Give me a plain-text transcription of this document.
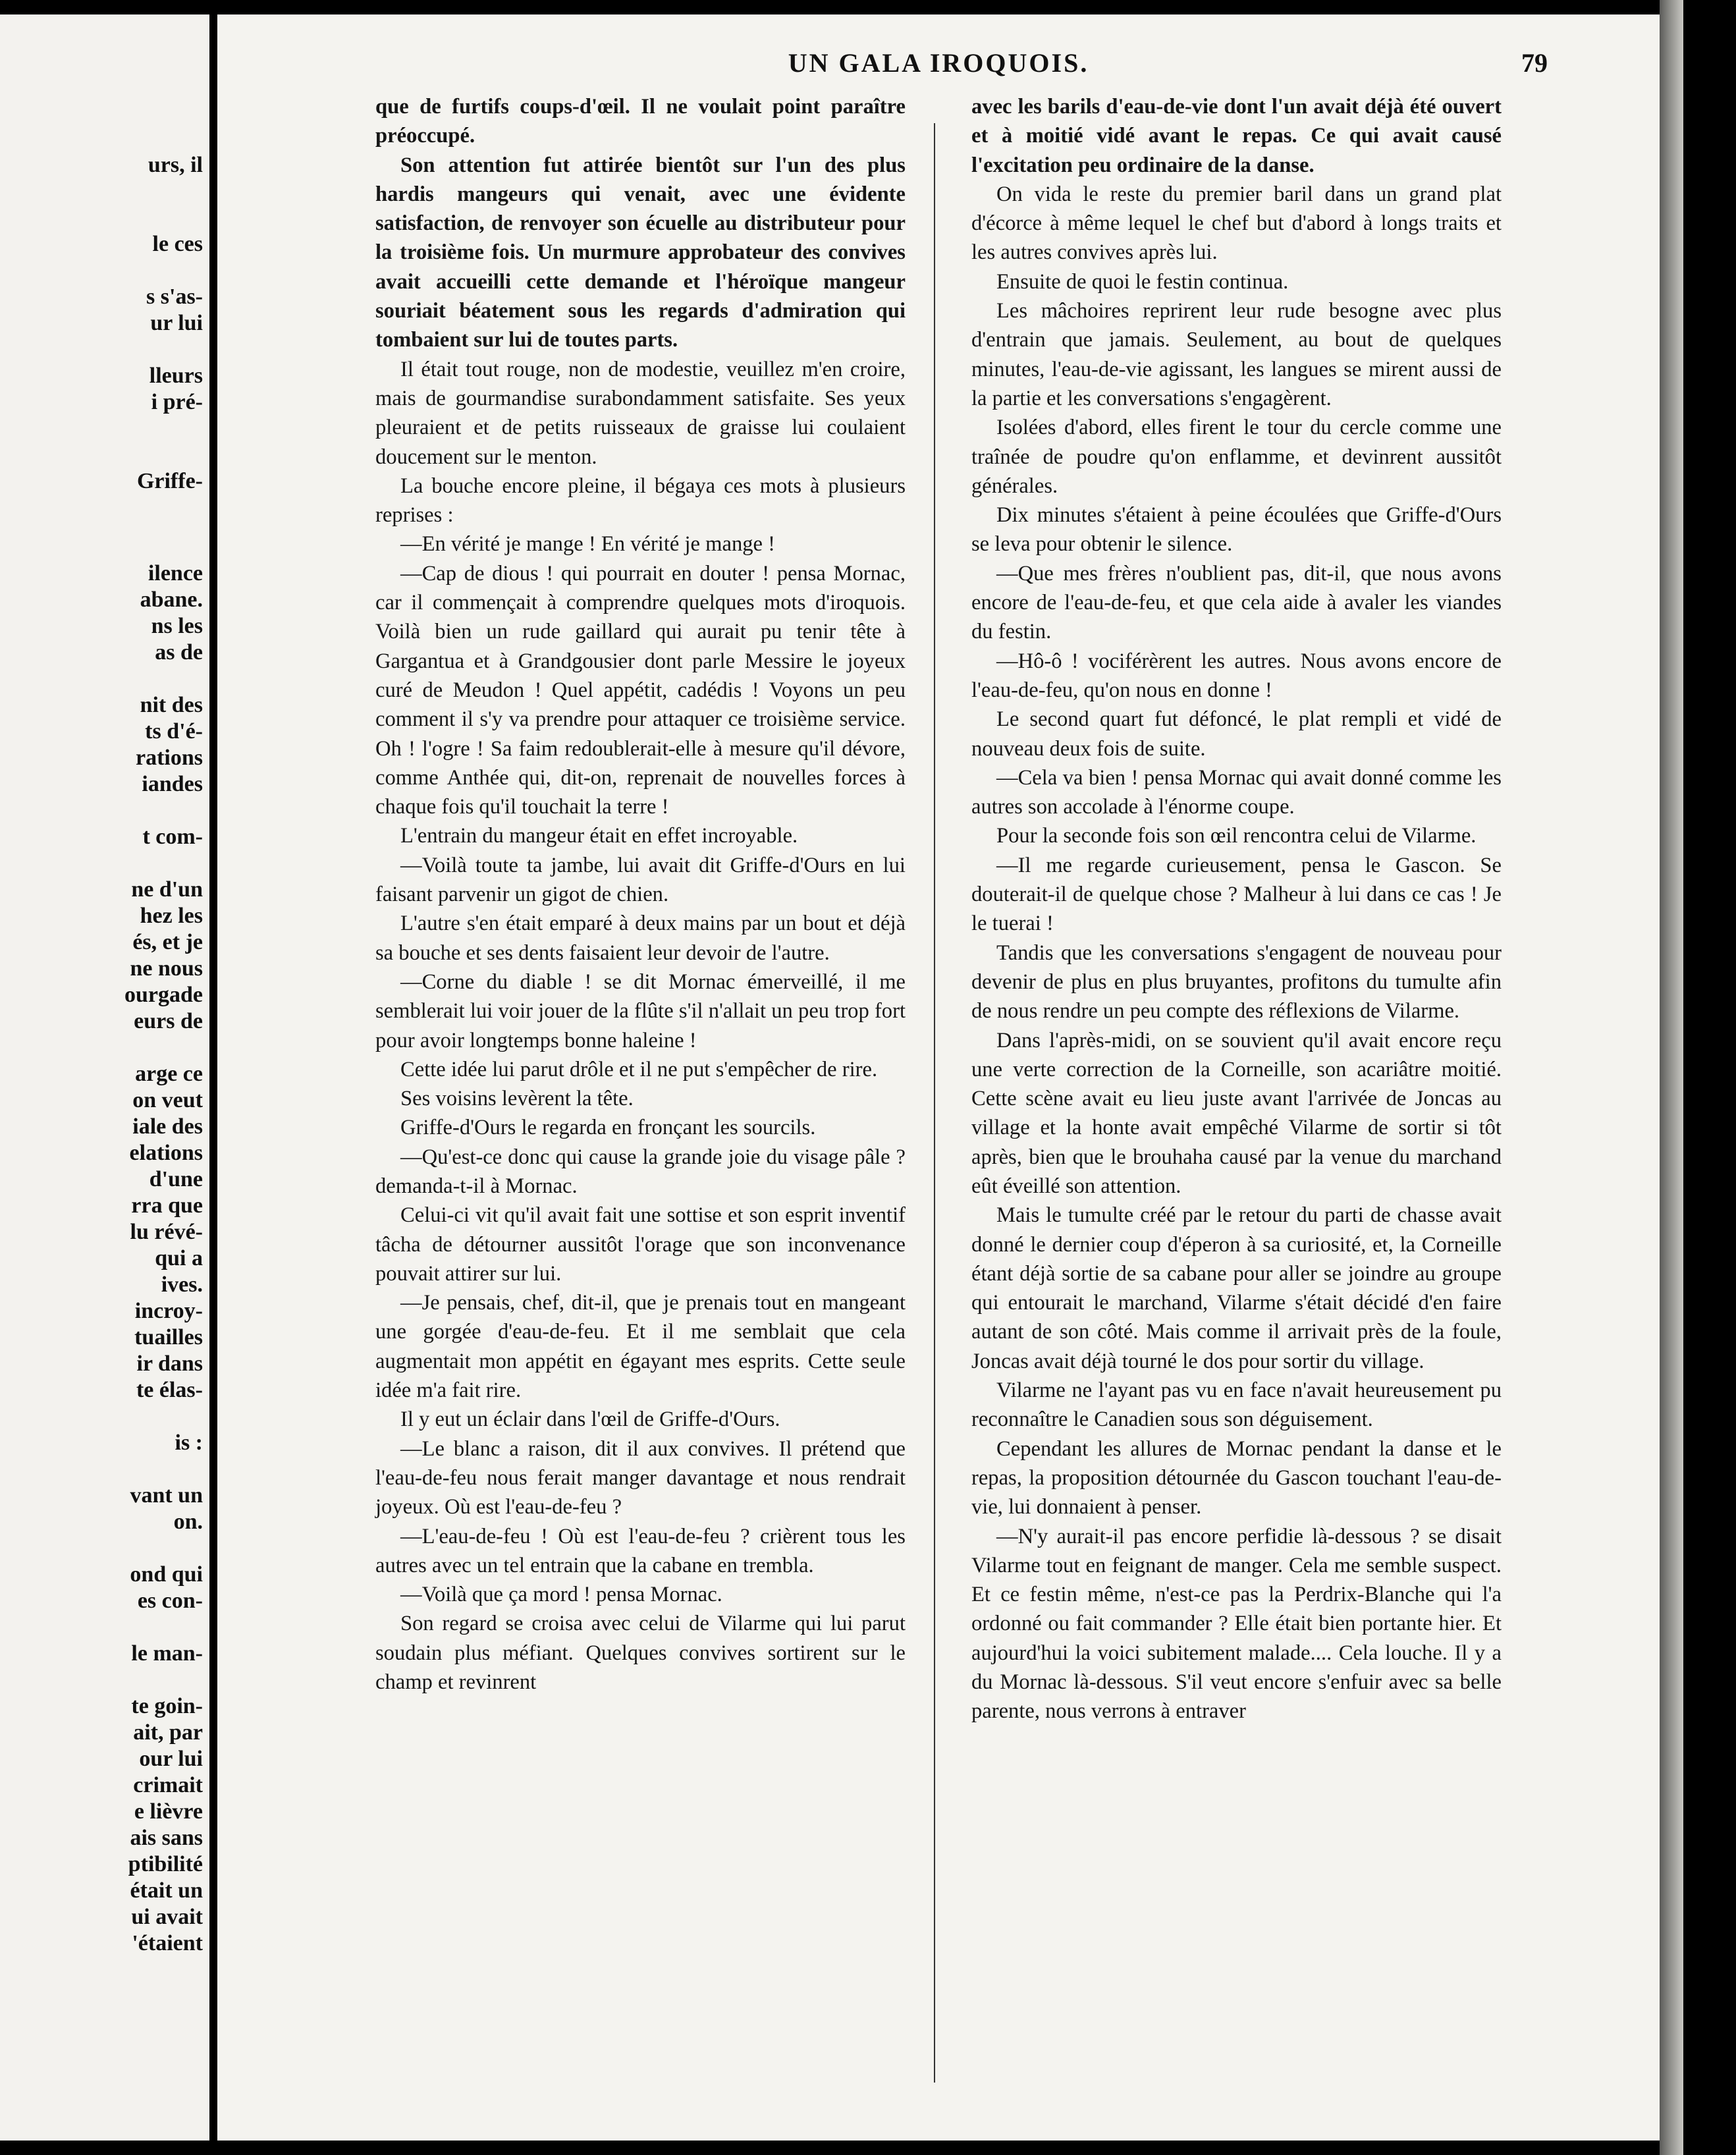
urs, il
le ces
s s'as-
ur lui
lleurs
i pré-
Griffe-
ilence
abane.
ns les
as de
nit des
ts d'é-
rations
iandes
t com-
ne d'un
hez les
és, et je
ne nous
ourgade
eurs de
arge ce
on veut
iale des
elations
d'une
rra que
lu révé-
qui a
ives.
incroy-
tuailles
ir dans
te élas-
is :
vant un
on.
ond qui
es con-
le man-
te goin-
ait, par
our lui
crimait
e lièvre
ais sans
ptibilité
était un
ui avait
'étaient
UN GALA IROQUOIS.	79

que de furtifs coups-d'œil. Il ne voulait point paraître préoccupé.

Son attention fut attirée bientôt sur l'un des plus hardis mangeurs qui venait, avec une évidente satisfaction, de renvoyer son écuelle au distributeur pour la troisième fois. Un murmure approbateur des convives avait accueilli cette demande et l'héroïque mangeur souriait béatement sous les regards d'admiration qui tombaient sur lui de toutes parts.

Il était tout rouge, non de modestie, veuillez m'en croire, mais de gourmandise surabondamment satisfaite. Ses yeux pleuraient et de petits ruisseaux de graisse lui coulaient doucement sur le menton.

La bouche encore pleine, il bégaya ces mots à plusieurs reprises :

—En vérité je mange ! En vérité je mange !

—Cap de dious ! qui pourrait en douter ! pensa Mornac, car il commençait à comprendre quelques mots d'iroquois. Voilà bien un rude gaillard qui aurait pu tenir tête à Gargantua et à Grandgousier dont parle Messire le joyeux curé de Meudon ! Quel appétit, cadédis ! Voyons un peu comment il s'y va prendre pour attaquer ce troisième service. Oh ! l'ogre ! Sa faim redoublerait-elle à mesure qu'il dévore, comme Anthée qui, dit-on, reprenait de nouvelles forces à chaque fois qu'il touchait la terre !

L'entrain du mangeur était en effet incroyable.

—Voilà toute ta jambe, lui avait dit Griffe-d'Ours en lui faisant parvenir un gigot de chien.

L'autre s'en était emparé à deux mains par un bout et déjà sa bouche et ses dents faisaient leur devoir de l'autre.

—Corne du diable ! se dit Mornac émerveillé, il me semblerait lui voir jouer de la flûte s'il n'allait un peu trop fort pour avoir longtemps bonne haleine !

Cette idée lui parut drôle et il ne put s'empêcher de rire.

Ses voisins levèrent la tête.

Griffe-d'Ours le regarda en fronçant les sourcils.

—Qu'est-ce donc qui cause la grande joie du visage pâle ? demanda-t-il à Mornac.

Celui-ci vit qu'il avait fait une sottise et son esprit inventif tâcha de détourner aussitôt l'orage que son inconvenance pouvait attirer sur lui.

—Je pensais, chef, dit-il, que je prenais tout en mangeant une gorgée d'eau-de-feu. Et il me semblait que cela augmentait mon appétit en égayant mes esprits. Cette seule idée m'a fait rire.

Il y eut un éclair dans l'œil de Griffe-d'Ours.

—Le blanc a raison, dit il aux convives. Il prétend que l'eau-de-feu nous ferait manger davantage et nous rendrait joyeux. Où est l'eau-de-feu ?

—L'eau-de-feu ! Où est l'eau-de-feu ? crièrent tous les autres avec un tel entrain que la cabane en trembla.

—Voilà que ça mord ! pensa Mornac.

Son regard se croisa avec celui de Vilarme qui lui parut soudain plus méfiant. Quelques convives sortirent sur le champ et revinrent

avec les barils d'eau-de-vie dont l'un avait déjà été ouvert et à moitié vidé avant le repas. Ce qui avait causé l'excitation peu ordinaire de la danse.

On vida le reste du premier baril dans un grand plat d'écorce à même lequel le chef but d'abord à longs traits et les autres convives après lui.

Ensuite de quoi le festin continua.

Les mâchoires reprirent leur rude besogne avec plus d'entrain que jamais. Seulement, au bout de quelques minutes, l'eau-de-vie agissant, les langues se mirent aussi de la partie et les conversations s'engagèrent.

Isolées d'abord, elles firent le tour du cercle comme une traînée de poudre qu'on enflamme, et devinrent aussitôt générales.

Dix minutes s'étaient à peine écoulées que Griffe-d'Ours se leva pour obtenir le silence.

—Que mes frères n'oublient pas, dit-il, que nous avons encore de l'eau-de-feu, et que cela aide à avaler les viandes du festin.

—Hô-ô ! vociférèrent les autres. Nous avons encore de l'eau-de-feu, qu'on nous en donne !

Le second quart fut défoncé, le plat rempli et vidé de nouveau deux fois de suite.

—Cela va bien ! pensa Mornac qui avait donné comme les autres son accolade à l'énorme coupe.

Pour la seconde fois son œil rencontra celui de Vilarme.

—Il me regarde curieusement, pensa le Gascon. Se douterait-il de quelque chose ? Malheur à lui dans ce cas ! Je le tuerai !

Tandis que les conversations s'engagent de nouveau pour devenir de plus en plus bruyantes, profitons du tumulte afin de nous rendre un peu compte des réflexions de Vilarme.

Dans l'après-midi, on se souvient qu'il avait encore reçu une verte correction de la Corneille, son acariâtre moitié. Cette scène avait eu lieu juste avant l'arrivée de Joncas au village et la honte avait empêché Vilarme de sortir si tôt après, bien que le brouhaha causé par la venue du marchand eût éveillé son attention.

Mais le tumulte créé par le retour du parti de chasse avait donné le dernier coup d'éperon à sa curiosité, et, la Corneille étant déjà sortie de sa cabane pour aller se joindre au groupe qui entourait le marchand, Vilarme s'était décidé d'en faire autant de son côté. Mais comme il arrivait près de la foule, Joncas avait déjà tourné le dos pour sortir du village.

Vilarme ne l'ayant pas vu en face n'avait heureusement pu reconnaître le Canadien sous son déguisement.

Cependant les allures de Mornac pendant la danse et le repas, la proposition détournée du Gascon touchant l'eau-de-vie, lui donnaient à penser.

—N'y aurait-il pas encore perfidie là-dessous ? se disait Vilarme tout en feignant de manger. Cela me semble suspect. Et ce festin même, n'est-ce pas la Perdrix-Blanche qui l'a ordonné ou fait commander ? Elle était bien portante hier. Et aujourd'hui la voici subitement malade.... Cela louche. Il y a du Mornac là-dessous. S'il veut encore s'enfuir avec sa belle parente, nous verrons à entraver
